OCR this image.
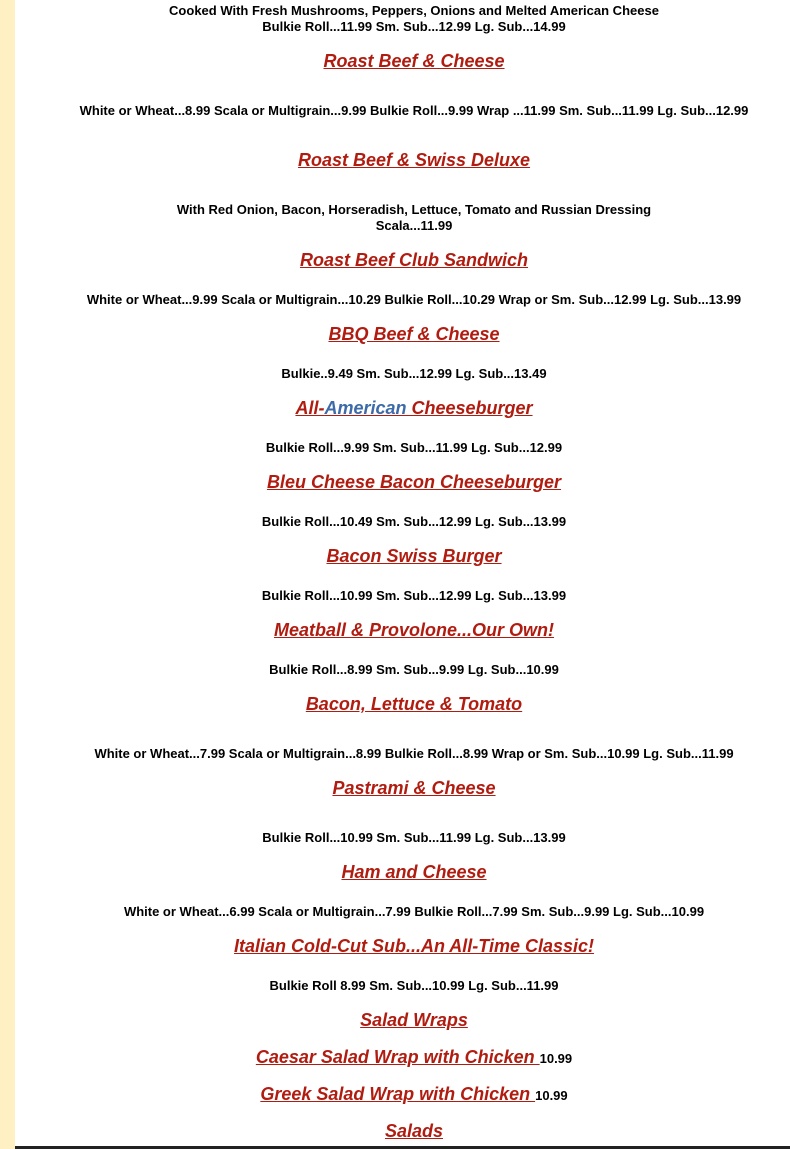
Cooked With Fresh Mushrooms, Peppers, Onions and Melted American Cheese
Bulkie Roll...11.99 Sm. Sub...12.99 Lg. Sub...14.99
Roast Beef & Cheese
White or Wheat...8.99 Scala or Multigrain...9.99 Bulkie Roll...9.99 Wrap ...11.99 Sm. Sub...11.99 Lg. Sub...12.99
Roast Beef & Swiss Deluxe
With Red Onion, Bacon, Horseradish, Lettuce, Tomato and Russian Dressing
Scala...11.99
Roast Beef Club Sandwich
White or Wheat...9.99 Scala or Multigrain...10.29 Bulkie Roll...10.29 Wrap or Sm. Sub...12.99 Lg. Sub...13.99
BBQ Beef & Cheese
Bulkie..9.49 Sm. Sub...12.99 Lg. Sub...13.49
All-American Cheeseburger
Bulkie Roll...9.99 Sm. Sub...11.99 Lg. Sub...12.99
Bleu Cheese Bacon Cheeseburger
Bulkie Roll...10.49 Sm. Sub...12.99 Lg. Sub...13.99
Bacon Swiss Burger
Bulkie Roll...10.99 Sm. Sub...12.99 Lg. Sub...13.99
Meatball & Provolone...Our Own!
Bulkie Roll...8.99 Sm. Sub...9.99 Lg. Sub...10.99
Bacon, Lettuce & Tomato
White or Wheat...7.99 Scala or Multigrain...8.99 Bulkie Roll...8.99 Wrap or Sm. Sub...10.99 Lg. Sub...11.99
Pastrami & Cheese
Bulkie Roll...10.99 Sm. Sub...11.99 Lg. Sub...13.99
Ham and Cheese
White or Wheat...6.99 Scala or Multigrain...7.99 Bulkie Roll...7.99 Sm. Sub...9.99 Lg. Sub...10.99
Italian Cold-Cut Sub...An All-Time Classic!
Bulkie Roll 8.99 Sm. Sub...10.99 Lg. Sub...11.99
Salad Wraps
Caesar Salad Wrap with Chicken 10.99
Greek Salad Wrap with Chicken 10.99
Salads
